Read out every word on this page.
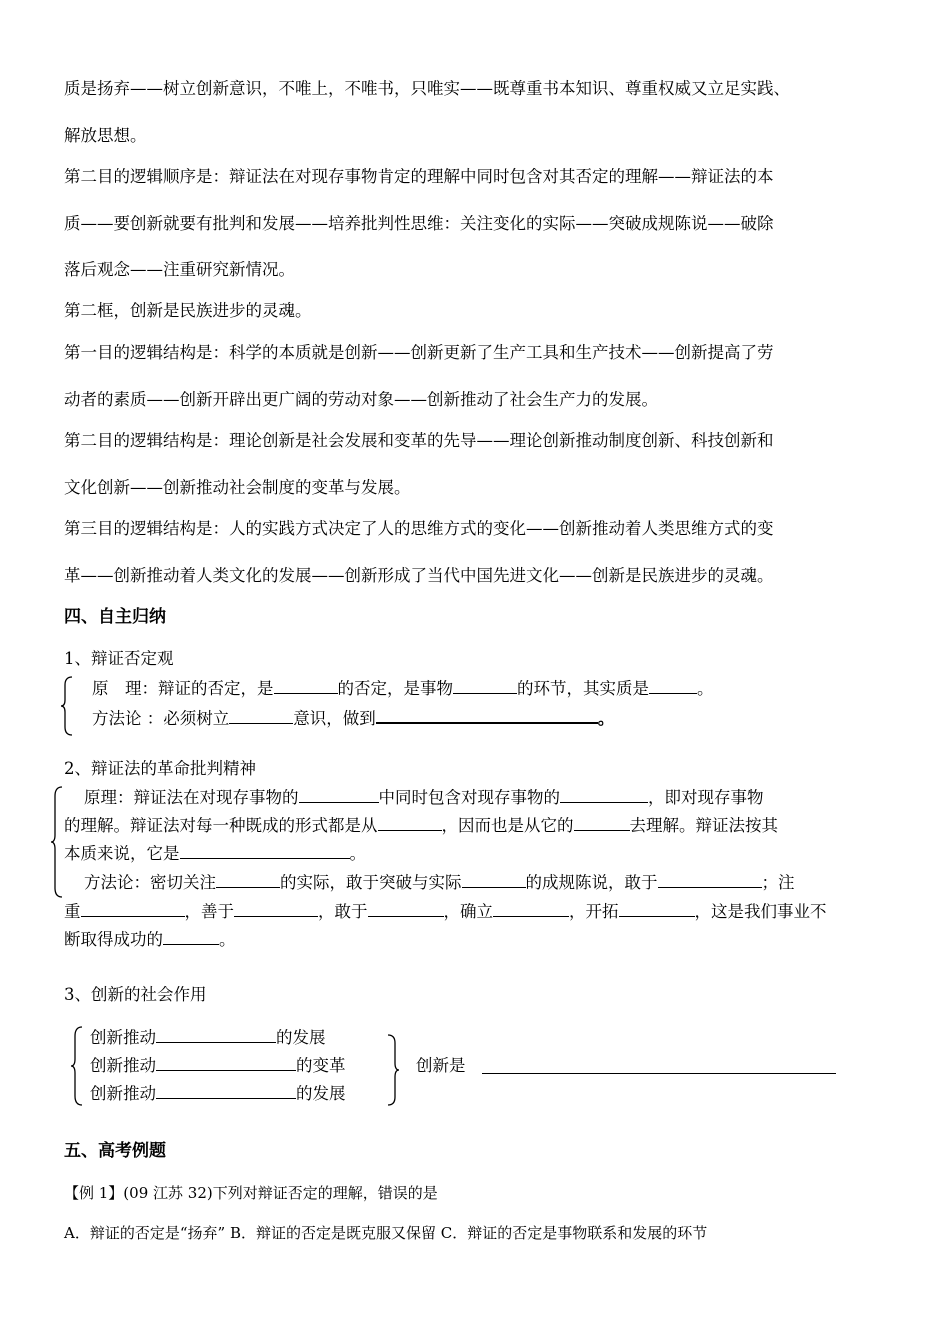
质是扬弃——树立创新意识，不唯上，不唯书，只唯实——既尊重书本知识、尊重权威又立足实践、
解放思想。
第二目的逻辑顺序是：辩证法在对现存事物肯定的理解中同时包含对其否定的理解——辩证法的本
质——要创新就要有批判和发展——培养批判性思维：关注变化的实际——突破成规陈说——破除
落后观念——注重研究新情况。
第二框，创新是民族进步的灵魂。
第一目的逻辑结构是：科学的本质就是创新——创新更新了生产工具和生产技术——创新提高了劳
动者的素质——创新开辟出更广阔的劳动对象——创新推动了社会生产力的发展。
第二目的逻辑结构是：理论创新是社会发展和变革的先导——理论创新推动制度创新、科技创新和
文化创新——创新推动社会制度的变革与发展。
第三目的逻辑结构是：人的实践方式决定了人的思维方式的变化——创新推动着人类思维方式的变
革——创新推动着人类文化的发展——创新形成了当代中国先进文化——创新是民族进步的灵魂。
四、自主归纳
1、辩证否定观
原　理：辩证的否定，是	的否定，是事物	的环节，其实质是	。
方法论 ：必须树立	意识，做到	。
2、辩证法的革命批判精神
原理：辩证法在对现存事物的	中同时包含对现存事物的	，即对现存事物
的理解。辩证法对每一种既成的形式都是从	，因而也是从它的	去理解。辩证法按其
本质来说，它是	。
方法论：密切关注	的实际，敢于突破与实际	的成规陈说，敢于	；注
重	，善于	，敢于	，确立	，开拓	，这是我们事业不
断取得成功的	。
3、创新的社会作用
创新推动	的发展
创新推动	的变革
创新推动	的发展
创新是
五、高考例题
【例 1】(09 江苏 32)下列对辩证否定的理解，错误的是
A．辩证的否定是“扬弃” B．辩证的否定是既克服又保留 C．辩证的否定是事物联系和发展的环节
